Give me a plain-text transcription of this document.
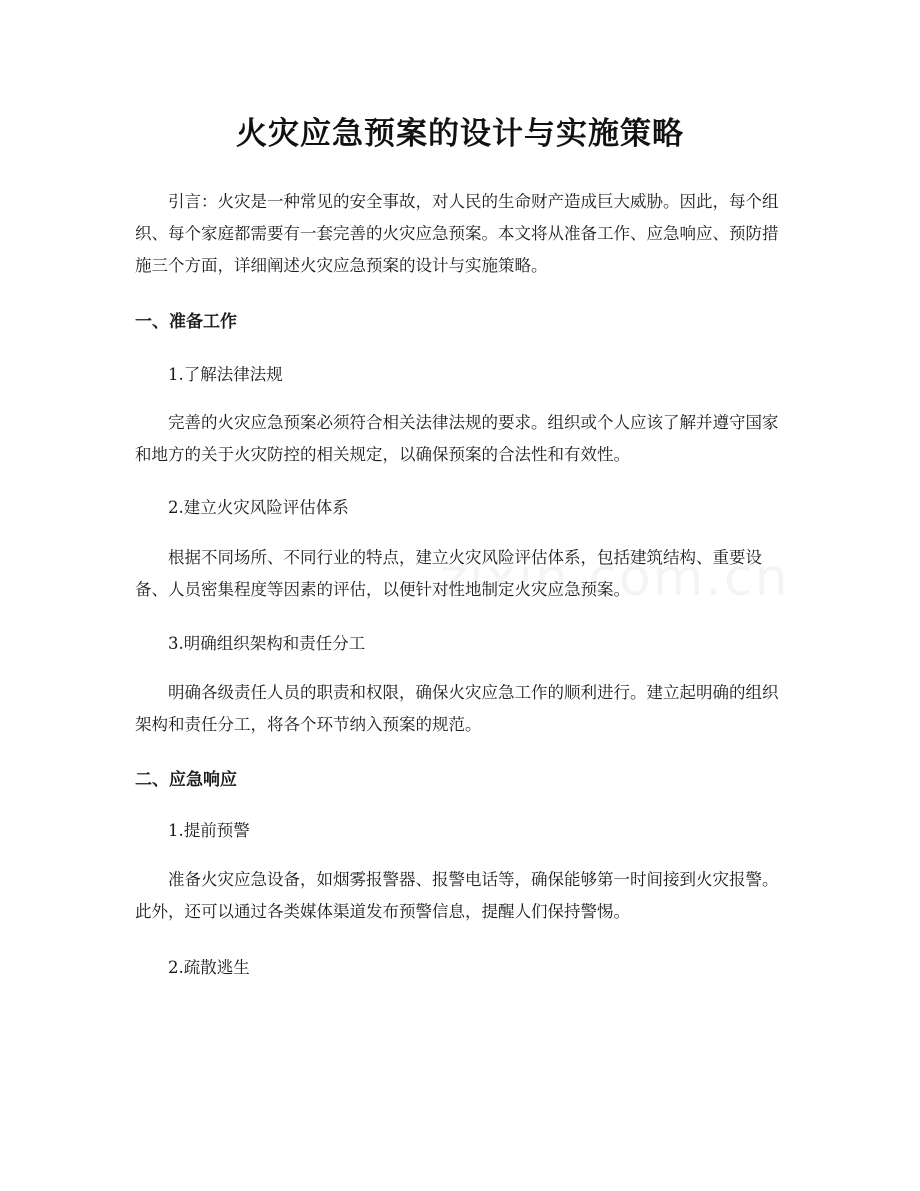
火灾应急预案的设计与实施策略

引言：火灾是一种常见的安全事故，对人民的生命财产造成巨大威胁。因此，每个组织、每个家庭都需要有一套完善的火灾应急预案。本文将从准备工作、应急响应、预防措施三个方面，详细阐述火灾应急预案的设计与实施策略。

一、准备工作

1.了解法律法规

完善的火灾应急预案必须符合相关法律法规的要求。组织或个人应该了解并遵守国家和地方的关于火灾防控的相关规定，以确保预案的合法性和有效性。

2.建立火灾风险评估体系

根据不同场所、不同行业的特点，建立火灾风险评估体系，包括建筑结构、重要设备、人员密集程度等因素的评估，以便针对性地制定火灾应急预案。

3.明确组织架构和责任分工

明确各级责任人员的职责和权限，确保火灾应急工作的顺利进行。建立起明确的组织架构和责任分工，将各个环节纳入预案的规范。

二、应急响应

1.提前预警

准备火灾应急设备，如烟雾报警器、报警电话等，确保能够第一时间接到火灾报警。此外，还可以通过各类媒体渠道发布预警信息，提醒人们保持警惕。

2.疏散逃生
